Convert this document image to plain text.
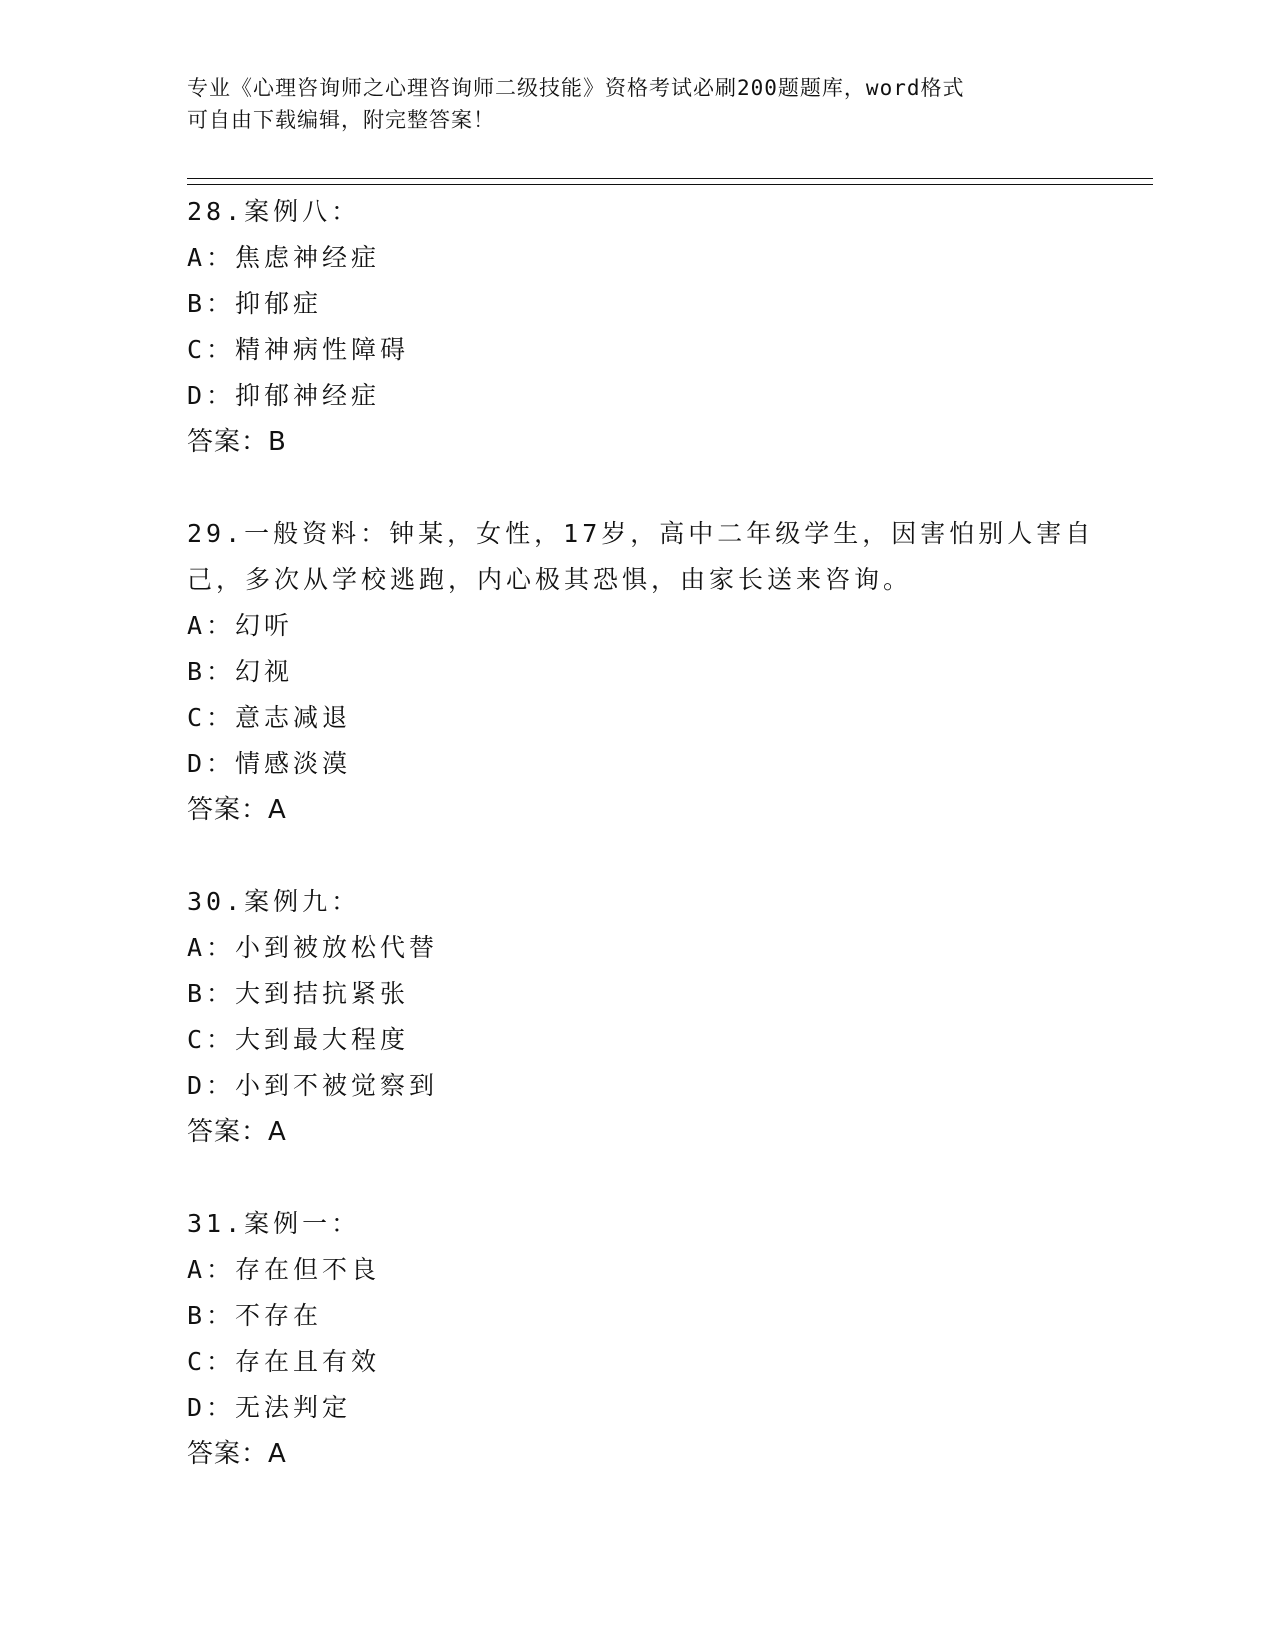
专业《心理咨询师之心理咨询师二级技能》资格考试必刷200题题库，word格式
可自由下载编辑，附完整答案！
28.案例八：
A：焦虑神经症
B：抑郁症
C：精神病性障碍
D：抑郁神经症
答案：B
29.一般资料：钟某，女性，17岁，高中二年级学生，因害怕别人害自
己，多次从学校逃跑，内心极其恐惧，由家长送来咨询。
A：幻听
B：幻视
C：意志减退
D：情感淡漠
答案：A
30.案例九：
A：小到被放松代替
B：大到拮抗紧张
C：大到最大程度
D：小到不被觉察到
答案：A
31.案例一：
A：存在但不良
B：不存在
C：存在且有效
D：无法判定
答案：A
